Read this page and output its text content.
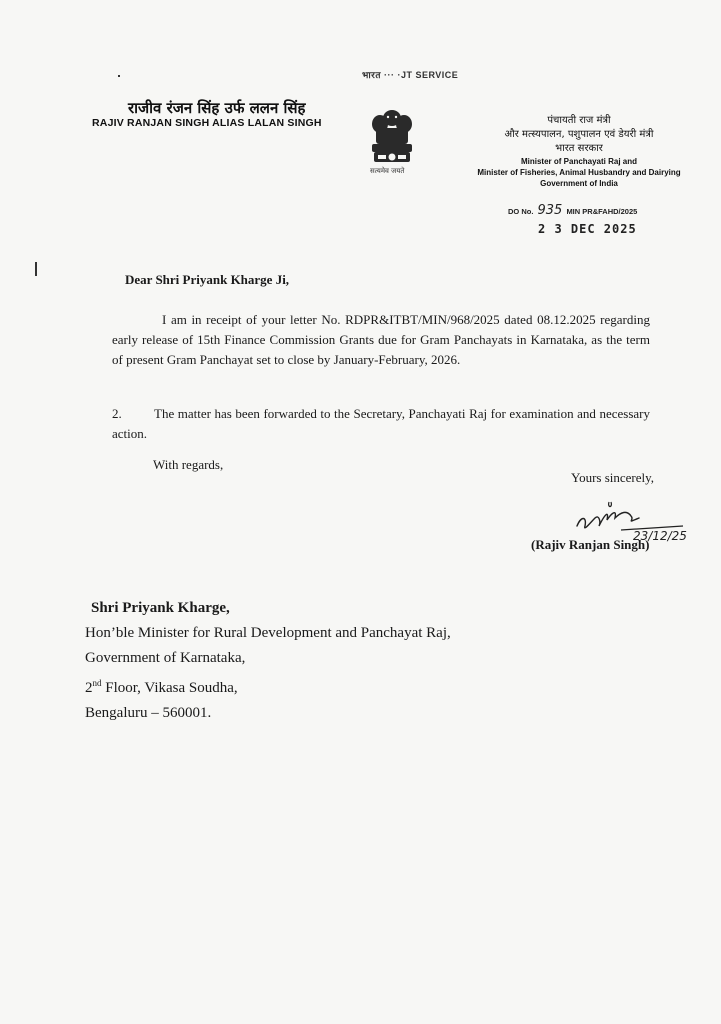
भारत ··· ·JT SERVICE
राजीव रंजन सिंह उर्फ ललन सिंह
RAJIV RANJAN SINGH ALIAS LALAN SINGH
सत्यमेव जयते
पंचायती राज मंत्री
और मत्स्यपालन, पशुपालन एवं डेयरी मंत्री
भारत सरकार
Minister of Panchayati Raj and
Minister of Fisheries, Animal Husbandry and Dairying
Government of India
DO No. 935 MIN PR&FAHD/2025
2 3 DEC 2025
Dear Shri Priyank Kharge Ji,
I am in receipt of your letter No. RDPR&ITBT/MIN/968/2025 dated 08.12.2025 regarding early release of 15th Finance Commission Grants due for Gram Panchayats in Karnataka, as the term of present Gram Panchayat set to close by January-February, 2026.
2. The matter has been forwarded to the Secretary, Panchayati Raj for examination and necessary action.
With regards,
Yours sincerely,
23/12/25
(Rajiv Ranjan Singh)
Shri Priyank Kharge,
Hon’ble Minister for Rural Development and Panchayat Raj,
Government of Karnataka,
2nd Floor, Vikasa Soudha,
Bengaluru – 560001.
